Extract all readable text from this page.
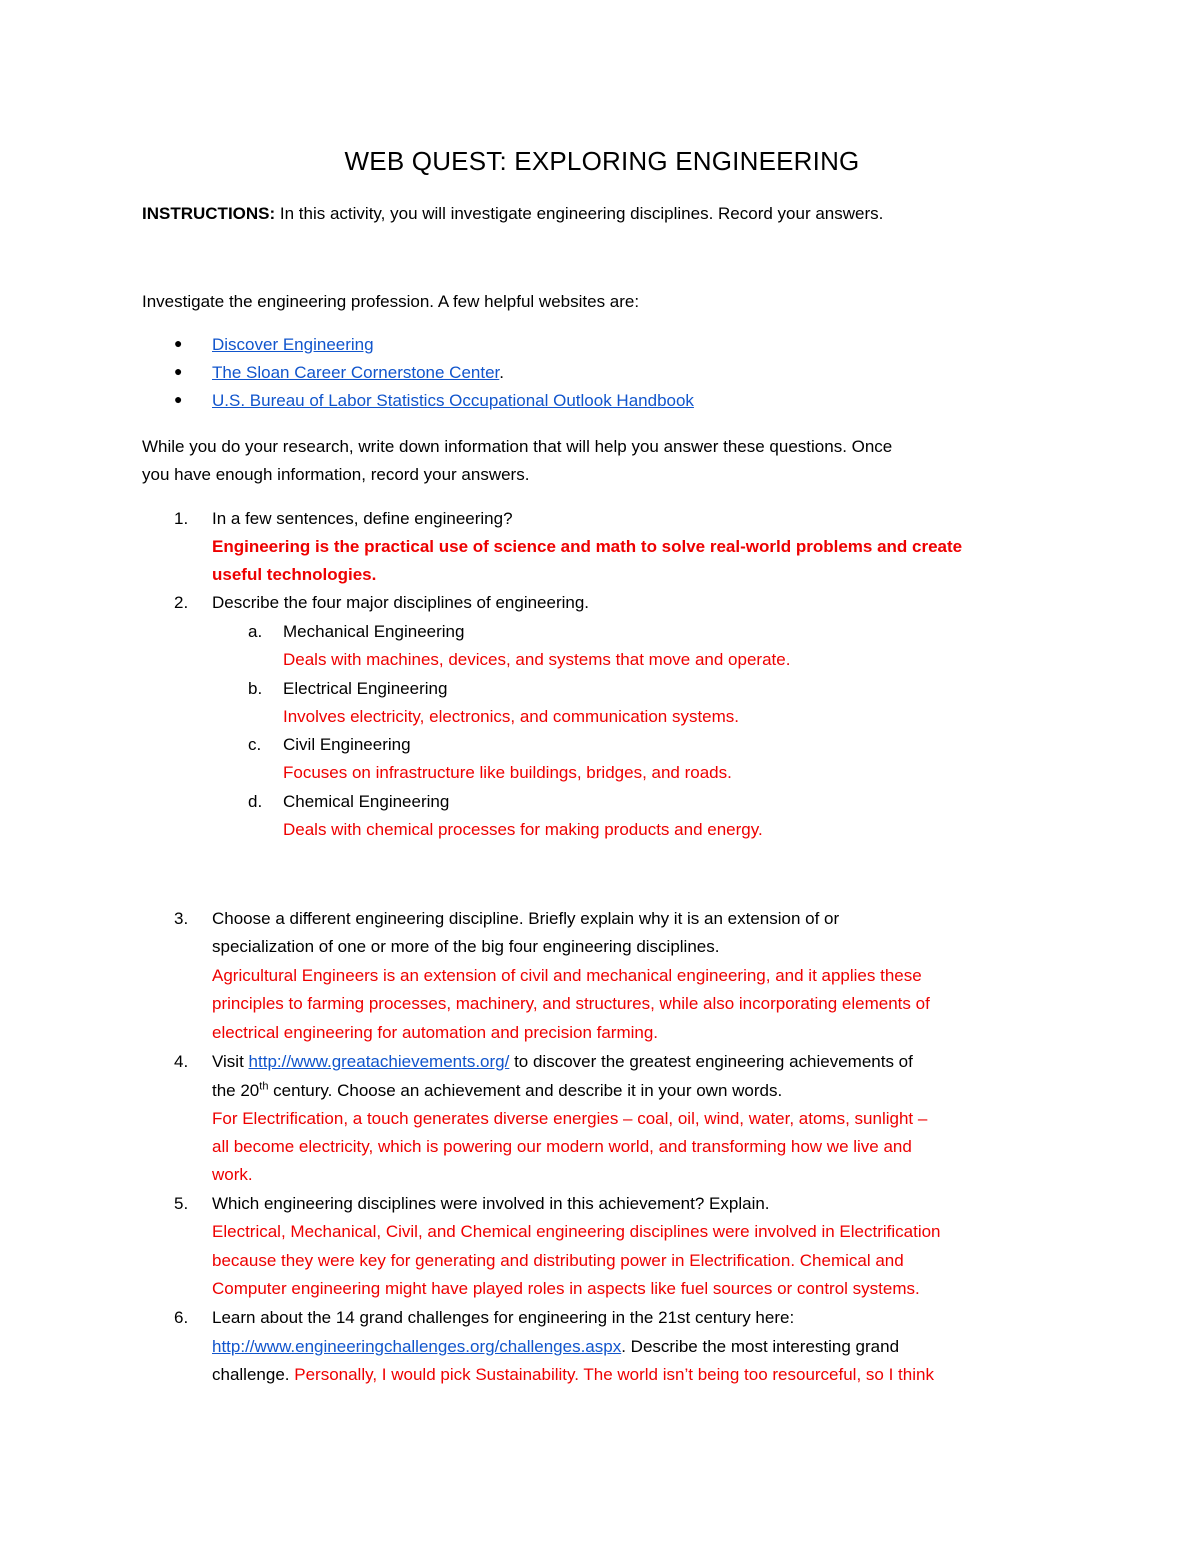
WEB QUEST: EXPLORING ENGINEERING
INSTRUCTIONS: In this activity, you will investigate engineering disciplines. Record your answers.
Investigate the engineering profession. A few helpful websites are:
● Discover Engineering
● The Sloan Career Cornerstone Center.
● U.S. Bureau of Labor Statistics Occupational Outlook Handbook
While you do your research, write down information that will help you answer these questions. Once
you have enough information, record your answers.
1.	In a few sentences, define engineering?
Engineering is the practical use of science and math to solve real-world problems and create
useful technologies.
2.	Describe the four major disciplines of engineering.
a.	Mechanical Engineering
Deals with machines, devices, and systems that move and operate.
b.	Electrical Engineering
Involves electricity, electronics, and communication systems.
c.	Civil Engineering
Focuses on infrastructure like buildings, bridges, and roads.
d.	Chemical Engineering
Deals with chemical processes for making products and energy.
3.	Choose a different engineering discipline. Briefly explain why it is an extension of or
specialization of one or more of the big four engineering disciplines.
Agricultural Engineers is an extension of civil and mechanical engineering, and it applies these
principles to farming processes, machinery, and structures, while also incorporating elements of
electrical engineering for automation and precision farming.
4.	Visit http://www.greatachievements.org/ to discover the greatest engineering achievements of
the 20th century. Choose an achievement and describe it in your own words.
For Electrification, a touch generates diverse energies – coal, oil, wind, water, atoms, sunlight –
all become electricity, which is powering our modern world, and transforming how we live and
work.
5.	Which engineering disciplines were involved in this achievement? Explain.
Electrical, Mechanical, Civil, and Chemical engineering disciplines were involved in Electrification
because they were key for generating and distributing power in Electrification. Chemical and
Computer engineering might have played roles in aspects like fuel sources or control systems.
6.	Learn about the 14 grand challenges for engineering in the 21st century here:
http://www.engineeringchallenges.org/challenges.aspx. Describe the most interesting grand
challenge. Personally, I would pick Sustainability. The world isn’t being too resourceful, so I think
